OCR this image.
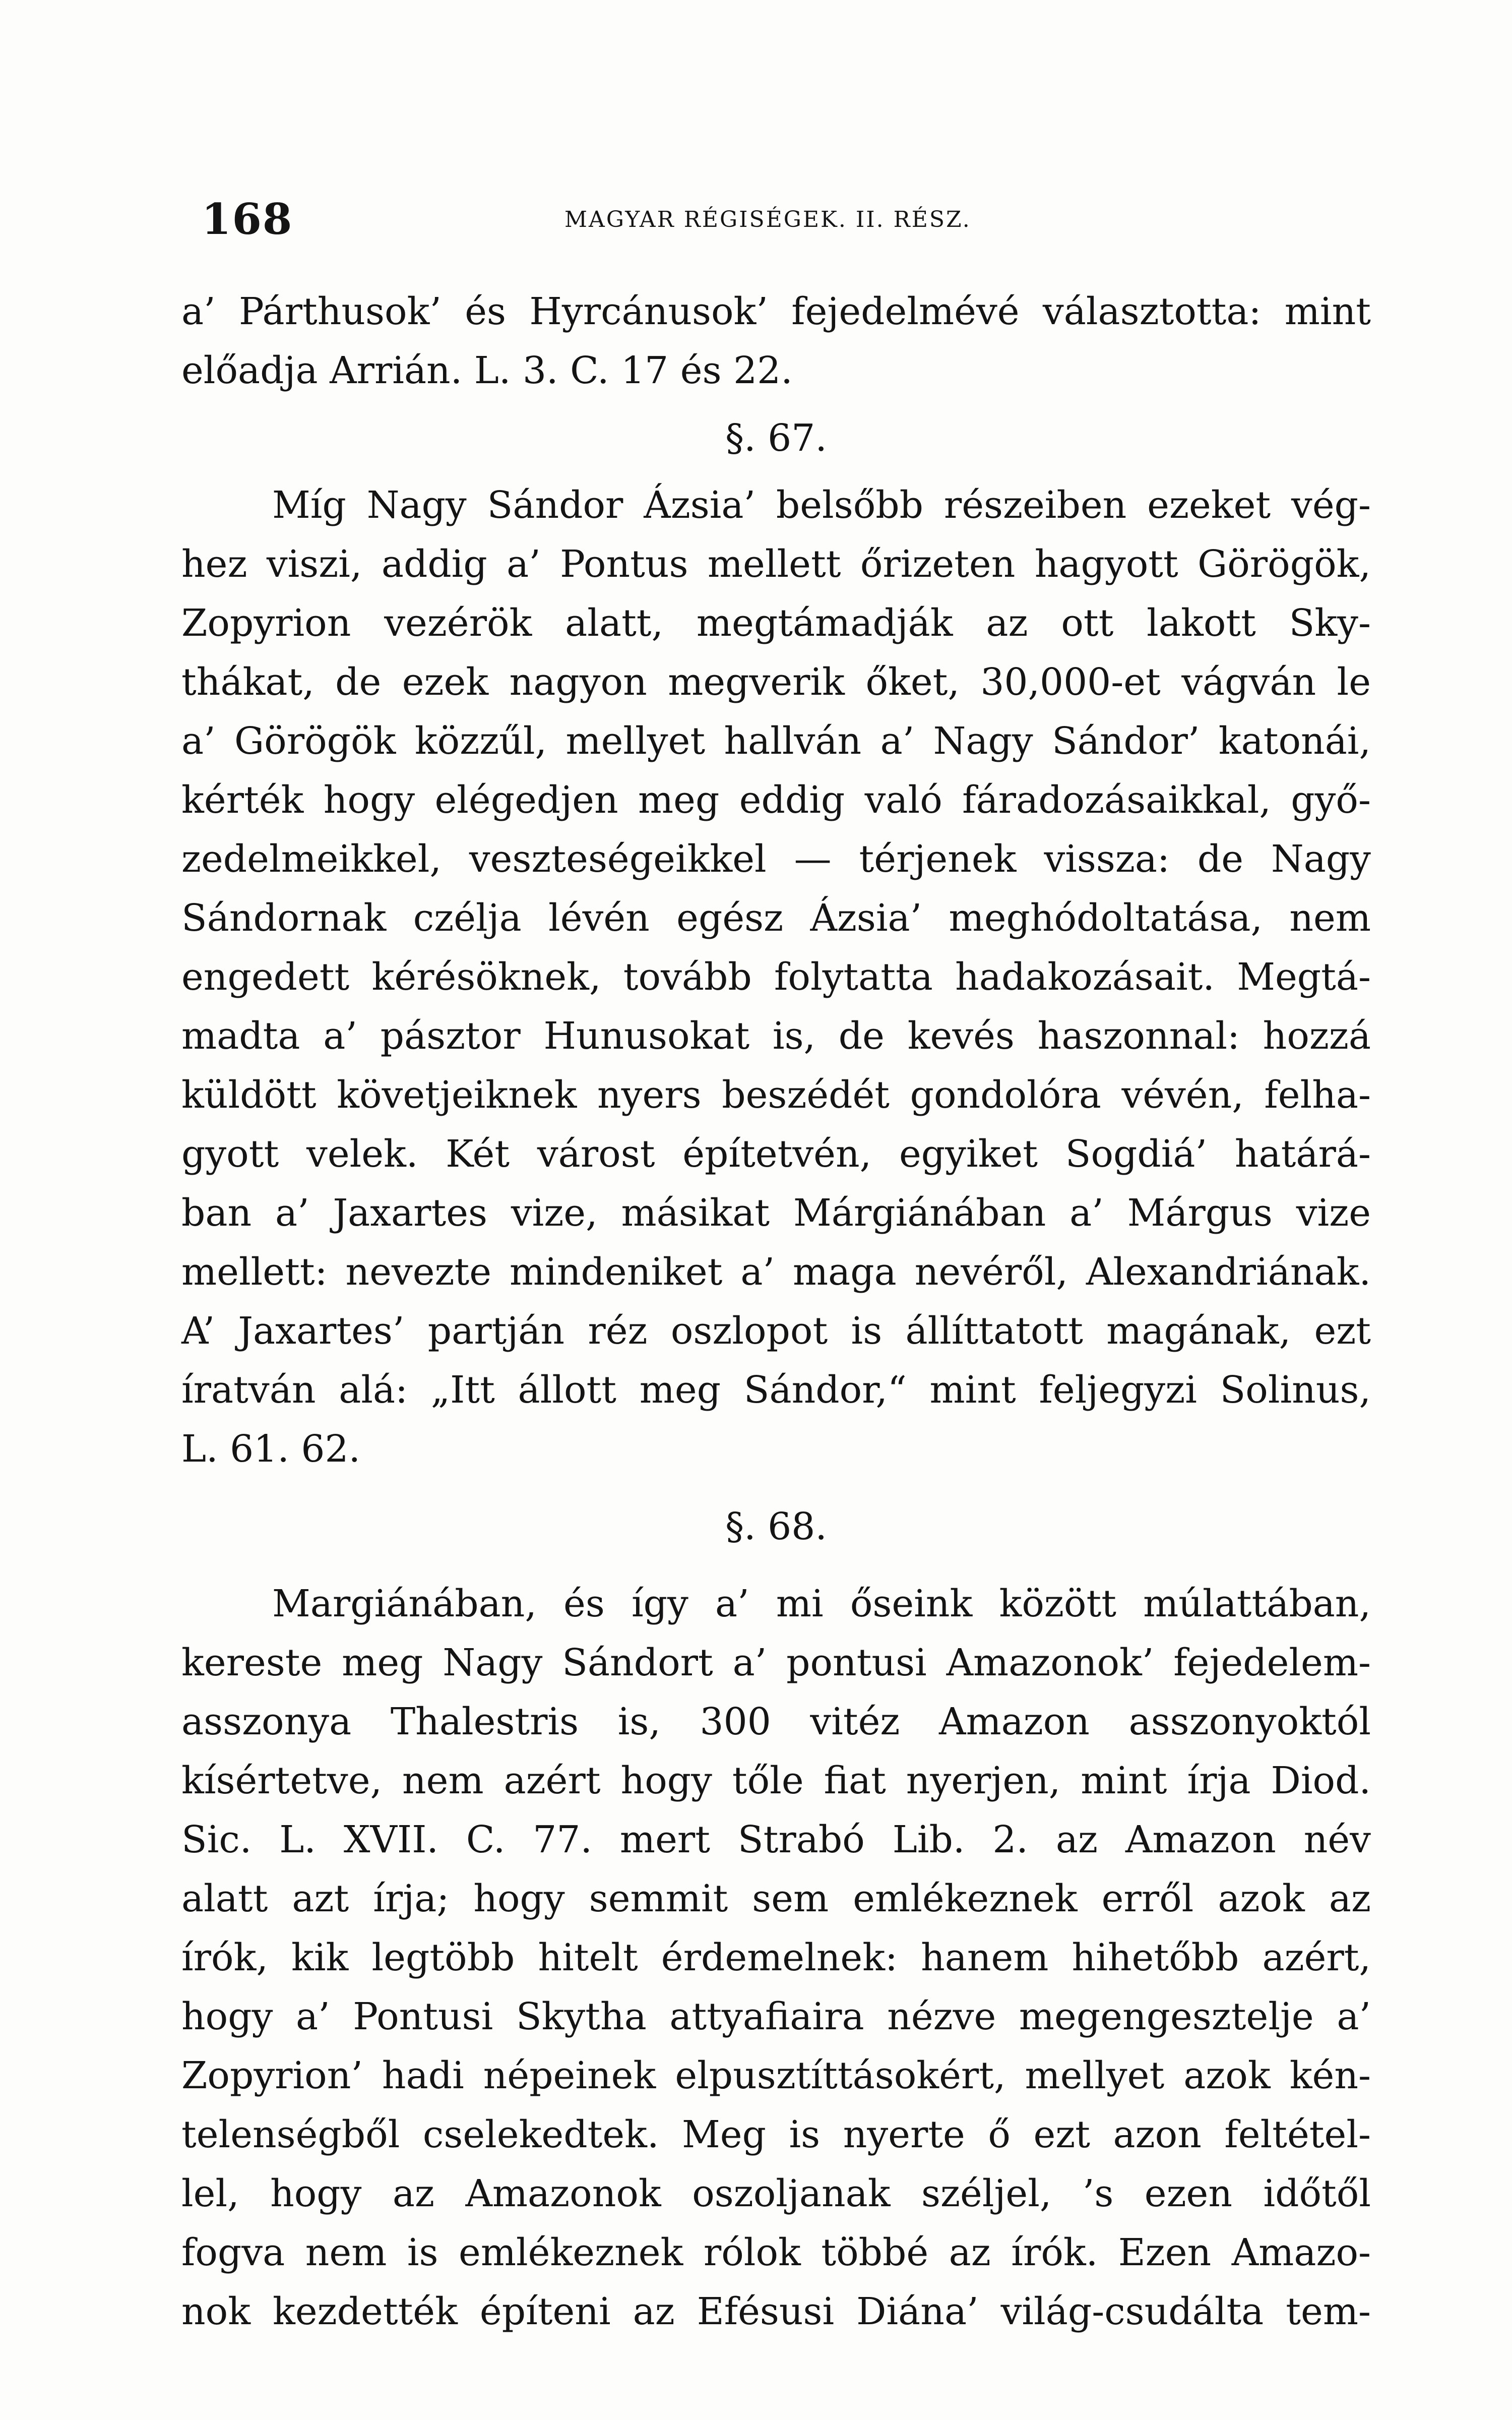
168	MAGYAR RÉGISÉGEK. II. RÉSZ.
a’ Párthusok’ és Hyrcánusok’ fejedelmévé választotta: mint
előadja Arrián. L. 3. C. 17 és 22.
§. 67.
Míg Nagy Sándor Ázsia’ belsőbb részeiben ezeket vég-
hez viszi, addig a’ Pontus mellett őrizeten hagyott Görögök,
Zopyrion vezérök alatt, megtámadják az ott lakott Sky-
thákat, de ezek nagyon megverik őket, 30,000-et vágván le
a’ Görögök közzűl, mellyet hallván a’ Nagy Sándor’ katonái,
kérték hogy elégedjen meg eddig való fáradozásaikkal, győ-
zedelmeikkel, veszteségeikkel — térjenek vissza: de Nagy
Sándornak czélja lévén egész Ázsia’ meghódoltatása, nem
engedett kérésöknek, tovább folytatta hadakozásait. Megtá-
madta a’ pásztor Hunusokat is, de kevés haszonnal: hozzá
küldött követjeiknek nyers beszédét gondolóra vévén, felha-
gyott velek. Két várost építetvén, egyiket Sogdiá’ határá-
ban a’ Jaxartes vize, másikat Márgiánában a’ Márgus vize
mellett: nevezte mindeniket a’ maga nevéről, Alexandriának.
A’ Jaxartes’ partján réz oszlopot is állíttatott magának, ezt
íratván alá: „Itt állott meg Sándor,“ mint feljegyzi Solinus,
L. 61. 62.
§. 68.
Margiánában, és így a’ mi őseink között múlattában,
kereste meg Nagy Sándort a’ pontusi Amazonok’ fejedelem-
asszonya Thalestris is, 300 vitéz Amazon asszonyoktól
kísértetve, nem azért hogy tőle fiat nyerjen, mint írja Diod.
Sic. L. XVII. C. 77. mert Strabó Lib. 2. az Amazon név
alatt azt írja; hogy semmit sem emlékeznek erről azok az
írók, kik legtöbb hitelt érdemelnek: hanem hihetőbb azért,
hogy a’ Pontusi Skytha attyafiaira nézve megengesztelje a’
Zopyrion’ hadi népeinek elpusztíttásokért, mellyet azok kén-
telenségből cselekedtek. Meg is nyerte ő ezt azon feltétel-
lel, hogy az Amazonok oszoljanak széljel, ’s ezen időtől
fogva nem is emlékeznek rólok többé az írók. Ezen Amazo-
nok kezdették építeni az Efésusi Diána’ világ-csudálta tem-
